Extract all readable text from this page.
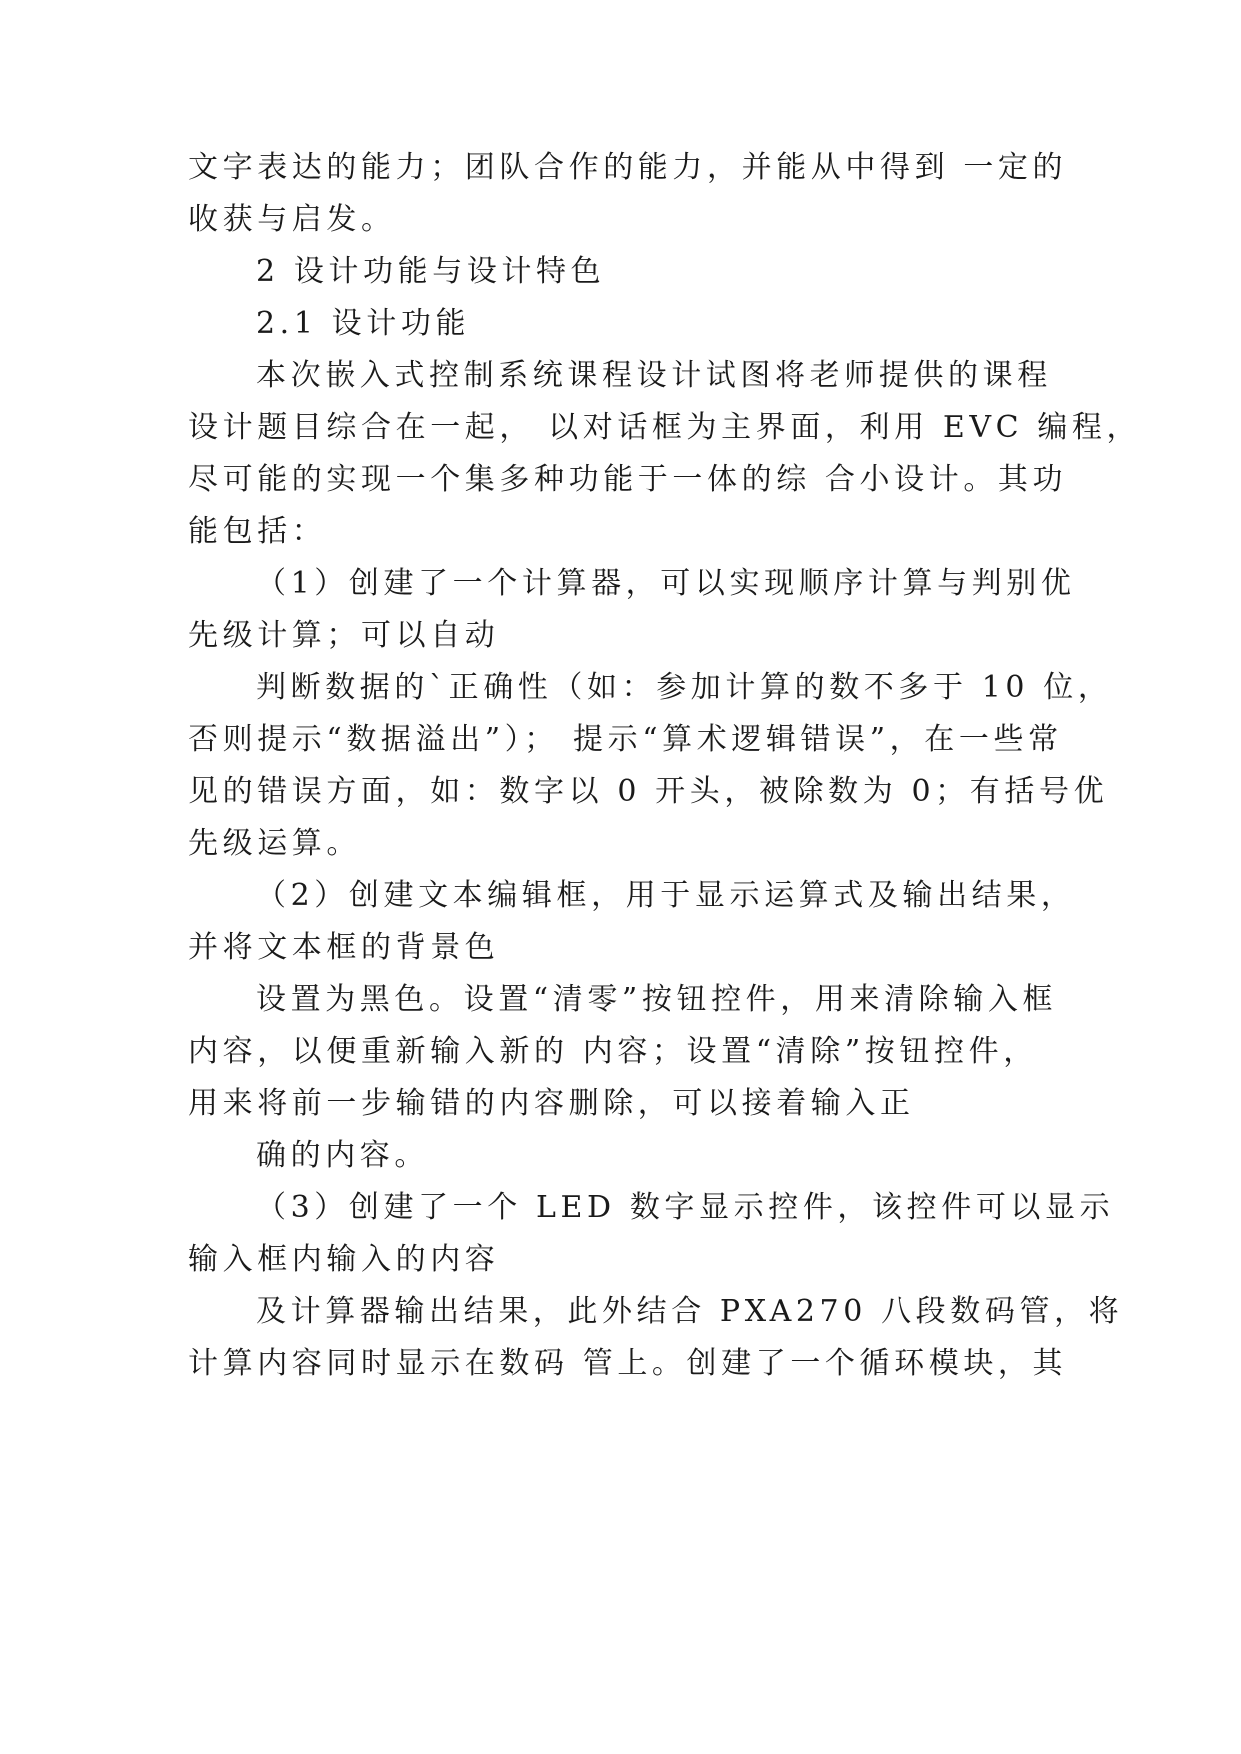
文字表达的能力；团队合作的能力，并能从中得到 一定的
收获与启发。
2 设计功能与设计特色
2.1 设计功能
本次嵌入式控制系统课程设计试图将老师提供的课程
设计题目综合在一起， 以对话框为主界面，利用 EVC 编程，
尽可能的实现一个集多种功能于一体的综 合小设计。其功
能包括：
（1）创建了一个计算器，可以实现顺序计算与判别优
先级计算；可以自动
判断数据的`正确性（如：参加计算的数不多于 10 位，
否则提示“数据溢出”）； 提示“算术逻辑错误”，在一些常
见的错误方面，如：数字以 0 开头，被除数为 0；有括号优
先级运算。
（2）创建文本编辑框，用于显示运算式及输出结果，
并将文本框的背景色
设置为黑色。设置“清零”按钮控件，用来清除输入框
内容，以便重新输入新的 内容；设置“清除”按钮控件，
用来将前一步输错的内容删除，可以接着输入正
确的内容。
（3）创建了一个 LED 数字显示控件，该控件可以显示
输入框内输入的内容
及计算器输出结果，此外结合 PXA270 八段数码管，将
计算内容同时显示在数码 管上。创建了一个循环模块，其
